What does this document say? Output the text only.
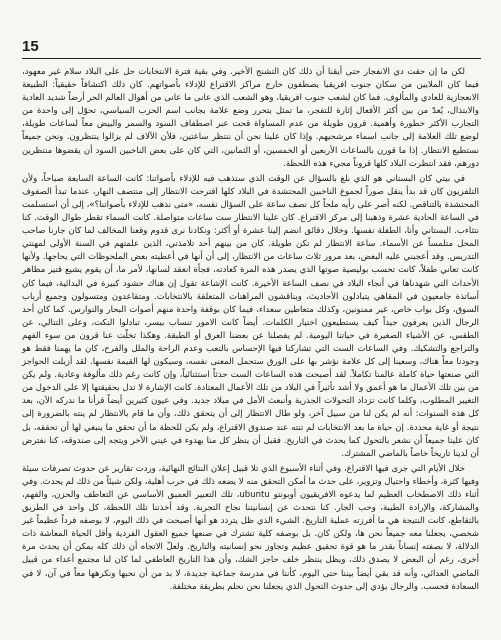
15

لكن ما إن حقت دي الانفجار حتى أيقنا أن ذلك كان التشنج الأخير. وفي بقية فترة الانتخابات حل على البلاد سلام غير معهود، فيما كان الملايين من سكان جنوب افريقيا يصطفون خارج مراكز الاقتراع للإدلاء بأصواتهم. كان ذلك اكتشافاً حقيقياً: الطبيعة الانعجازية للعادي والمألوف. فما كان لشعب جنوب افريقيا، وهو الشعب الذي عانى ما عانى من أهوال العالم الحر أرضاً شديد العادية والابتذال، يُعدّ من بين أكثر الأفعال إثارة للتفجر، ما تمثل بتحرر وضع علامة بجانب اسم الحزب السياسي، تحوّل إلى واحدة من التجارب الأكثر خطورة وأهمية. قرون طويلة من عدم المساواة قحت عبر اصطفاف السود والسمر والبيض معاً لساعات طويلة، لوضع تلك العلامة إلى جانب اسماء مرشحيهم. وإذا كان علينا نحن أن ننتظر ساعتين، فلأن الآلاف لم يزالوا ينتظرون. ونحن جميعاً نستطيع الانتظار. إذا ما قورن بالساعات الأربعين أو الخمسين، أو الثمانين، التي كان على بعض الناخبين السود أن يقضوها منتظرين دورهم، فقد انتظرت البلاد كلها قروناً مجيء هذه اللحظة.

في بيتي كان البستاني هو الذي بلغ بالسؤال عن الوقت الذي ستذهب فيه للإدلاء بأصواتنا: كانت الساعة السابعة صباحاً، ولأن التلفزيون كان قد بدأ ينقل صوراً لجموع الناخبين المحتشدة في البلاد كلها اقترحت الانتظار إلى منتصف النهار، عندما تبدأ الصفوف المحتشدة بالتناقص. لكنه أصر على رأيه ملحاً كل نصف ساعة على السؤال نفسه، «متى نذهب للإدلاء بأصواتنا؟»، إلى أن استسلمت في الساعة الحادية عشرة وذهبنا إلى مركز الاقتراع. كان علينا الانتظار ست ساعات متواصلة. كانت السماء تقطر طوال الوقت. كنا نتثاءب. البستاني وأنا، الطفلة نفسها. وخلال دقائق انضم إلينا عشرة أو أكثر: ونكادنا نرى قدوم وقعنا المخالف لما كان جارنا صاحب المحل متلمساً عن الأسماء. ساعة الانتظار لم تكن طويلة. كان من بينهم أحد تلامذتي، الذين علمتهم في السنة الأولى لمهنتي التدريس. وقد أعجبني عليه البعض، بعد مرور ثلاث ساعات من الانتظار، إلى أن أنها في أعطيته بعض الملحوظات التي يحاجها. ولأنها كانت تعاني طفلاً، كانت تحسب بوليصية صوتها الذي يصدر هذه المرة كعادته، فجأة انعقد لسانها، لأمر ما، أن يقوم يشيع قتير مظاهر الأحداث التي شهدناها في أنجاء البلاد في نصف الساعة الأخيرة. كانت الإشاعة تقول إن هناك حشود كبيرة في البدائية، فيما كان أساتذة جامعيون في المقاهي يتبادلون الأحاديث، ويناقشون المراهنات المتعلقة بالانتخابات. ومتقاعدون ومتسولون وجميع أرباب السوق، وكل بواب خاص، غير ممنونين، وكذلك متعاطين سعداء، فيما كان بوقفة واحدة منهم أصوات البحار والنوارس. كما كان أحد الرجال الذين يعرفون جيداً كيف يستطيعون اختيار الكلمات. أيضاً كانت الامور تنساب بيسر، تبادلوا النكت، وعلى التتالي، عن الطقس، عن الأشياء الصغيرة في حياتنا اليومية. لم يفصلنا عن بعضنا العرق أو الطبقة. وهكذا تخلّت عنا قرون من سوء الفهم والتراجع والتشكيك. وفي الساعات الست التي تشاركنا فيها الإحساس بالتعب وعدم الراحة والملل والفرح، كان ما يهمنا فقط هو وجودنا معاً هناك، وسعينا إلى كل علامة نؤشر بها على الورق ستحمل المعنى نفسه، وسيكون لها القيمة نفسها. لقد أزيلت الحواجز التي صنعتها حياة كاملة عالمنا تكاملاً. لقد أصبحت هذه الساعات الست حدثاً استثنائياً، وإن كانت رغم ذلك مألوفة وعادية. ولم يكن من بين تلك الأعمال ما هو أعمق ولا أشد تأثيراً في البلاد من تلك الأعمال المعتادة. كانت الإشارة لا تدل بحقيقتها إلا على الدخول من التغيير المطلوب، وكلما كانت تزداد التحولات الجذرية وأنبعث الأمل في ميلاد جديد. وفي عيون كثيرين أيضاً قرأنا ما ندركه الآن، بعد كل هذه السنوات: أنه لم يكن لنا من سبيل آخر، ولو طال الانتظار إلى أن يتحقق ذلك، وأن ما قام بالانتظار لم ينته بالضرورة إلى نتيجة أو غاية محددة. إن حياة ما بعد الانتخابات لم تنته عند صندوق الاقتراع، ولم يكن للحظة ما أن تحقق ما ينبغي لها أن تحققه، بل كان علينا جميعاً أن نشعر بالتحول كما يحدث في التاريخ. فقبل أن ينظر كل منا بهدوء في عيني الآخر ويتجه إلى صندوقه، كنا نفترض أن لدينا تاريخاً خاصاً بالماضي المشترك.

خلال الأيام التي جرى فيها الاقتراع، وفي أثناء الأسبوع الذي تلا قبيل إعلان النتائج النهائية، وردت تقارير عن حدوث تصرفات سيئة وفيها كثرة، وأخطاء واحتيال وتزوير، على حدث ما أمكن التحقق منه لا يضعه ذلك في حرب أهلية، ولكن شيئاً من ذلك لم يحدث. وفي أثناء ذلك الاصطخاب العظيم لما يدعوه الافريقيون أوبونتو ubuntu، تلك التعبير العميق الأساسي عن التعاطف والحزن، والفهم، والمشاركة، والإرادة الطيبة، وحب الجار. كنا نتحدث عن إنسانيتنا نجاح التجربة. وقد أخذتنا تلك اللحظة، كل واحد في الطريق بالتقاطع، كانت النتيجة هي ما أفرزته عملية التاريخ. الشيء الذي ظل يتردد هو أنها أصبحت في ذلك اليوم، لا بوصفه فرداً عظيماً غير شخصي، يجعلنا معه جميعاً نحن ها، ولكن كان. بل بوصفه كلية تشترك في صنعها جميع العقول الفردية وأقل الحياة المعاشة ذات الدلالة، لا بصفته إنساناً بقدر ما هو قوة تحقيق عظيم وتجاوز نحو إنسانيته والتاريخ. ولعلّ الاتجاه أن ذلك كله يمكن أن يحدث مرة أخرى، رغم أن البعض لا يصدق ذلك، ويظل ينتظر خلف حاجز الشك، وأن هذا التاريخ العاطفي لما كان لنا مجتمع أعداء من قبيل الماضي العدائي، وأنه قد بقي أيضاً بيننا حتى اليوم، كأننا في مدرسة جماعية جديدة، لا بد من أن نحبها ونكرهها معاً في آن، لا في السعادة فحسب. والرجال يؤدي إلى حدوث التحول الذي يجعلنا نحن نحلم بطريقة مختلفة.
